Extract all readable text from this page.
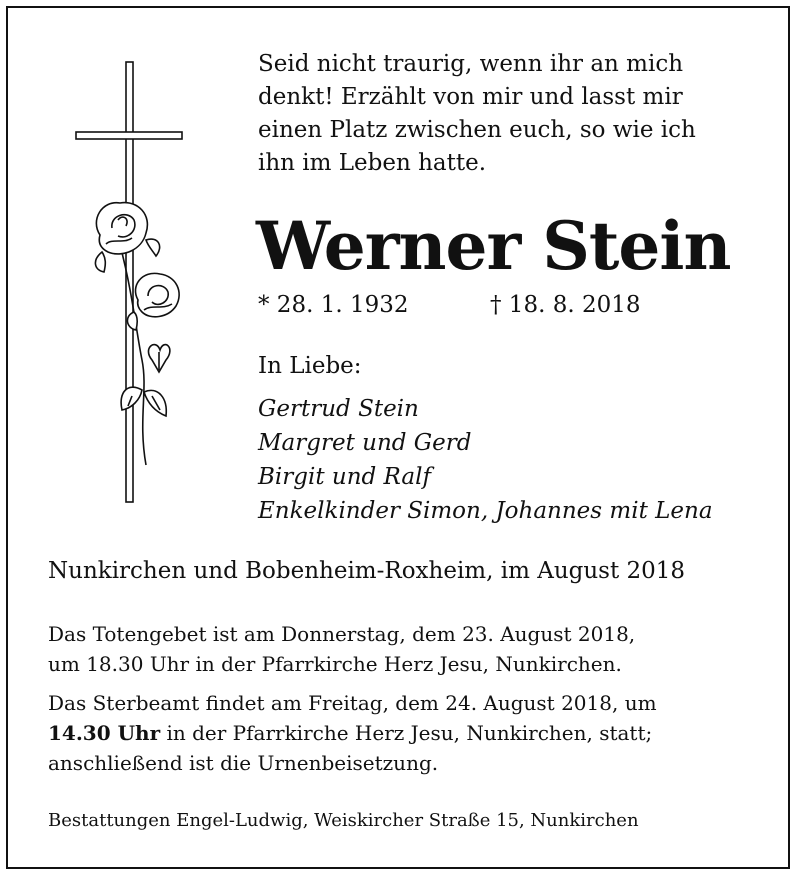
Seid nicht traurig, wenn ihr an mich
denkt! Erzählt von mir und lasst mir
einen Platz zwischen euch, so wie ich
ihn im Leben hatte.
Werner Stein
* 28. 1. 1932	† 18. 8. 2018
In Liebe:
Gertrud Stein
Margret und Gerd
Birgit und Ralf
Enkelkinder Simon, Johannes mit Lena
Nunkirchen und Bobenheim-Roxheim, im August 2018
Das Totengebet ist am Donnerstag, dem 23. August 2018,
um 18.30 Uhr in der Pfarrkirche Herz Jesu, Nunkirchen.
Das Sterbeamt findet am Freitag, dem 24. August 2018, um
14.30 Uhr in der Pfarrkirche Herz Jesu, Nunkirchen, statt;
anschließend ist die Urnenbeisetzung.
Bestattungen Engel-Ludwig, Weiskircher Straße 15, Nunkirchen
